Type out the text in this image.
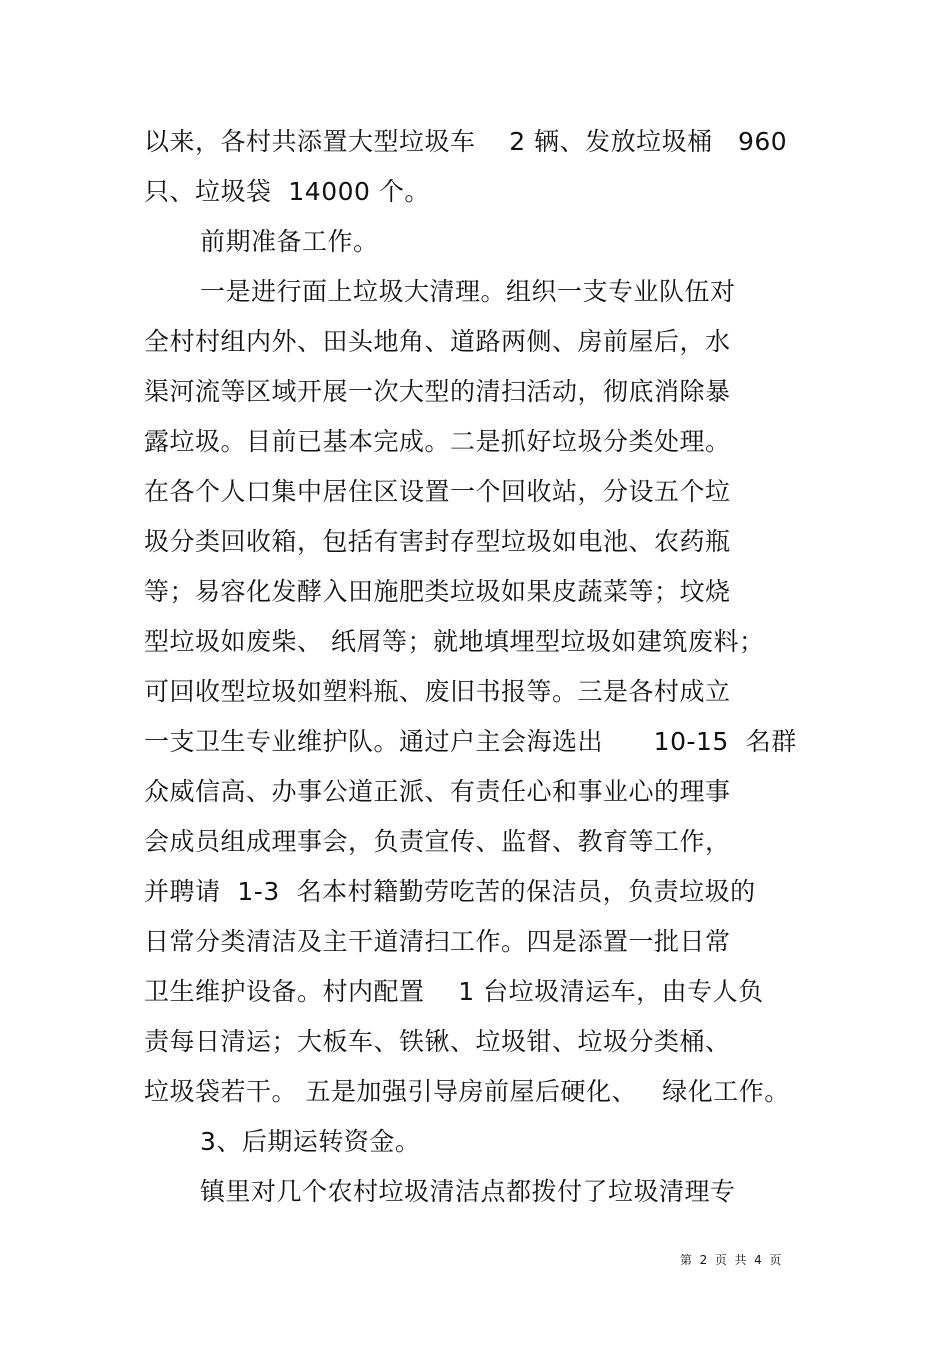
以来，各村共添置大型垃圾车    2 辆、发放垃圾桶   960
只、垃圾袋  14000 个。
前期准备工作。
一是进行面上垃圾大清理。组织一支专业队伍对
全村村组内外、田头地角、道路两侧、房前屋后，水
渠河流等区域开展一次大型的清扫活动，彻底消除暴
露垃圾。目前已基本完成。二是抓好垃圾分类处理。
在各个人口集中居住区设置一个回收站，分设五个垃
圾分类回收箱，包括有害封存型垃圾如电池、农药瓶
等；易容化发酵入田施肥类垃圾如果皮蔬菜等；坟烧
型垃圾如废柴、 纸屑等；就地填埋型垃圾如建筑废料；
可回收型垃圾如塑料瓶、废旧书报等。三是各村成立
一支卫生专业维护队。通过户主会海选出      10-15  名群
众威信高、办事公道正派、有责任心和事业心的理事
会成员组成理事会，负责宣传、监督、教育等工作，
并聘请  1-3  名本村籍勤劳吃苦的保洁员，负责垃圾的
日常分类清洁及主干道清扫工作。四是添置一批日常
卫生维护设备。村内配置    1 台垃圾清运车，由专人负
责每日清运；大板车、铁锹、垃圾钳、垃圾分类桶、
垃圾袋若干。 五是加强引导房前屋后硬化、   绿化工作。
3、后期运转资金。
镇里对几个农村垃圾清洁点都拨付了垃圾清理专
第  2  页  共  4  页
